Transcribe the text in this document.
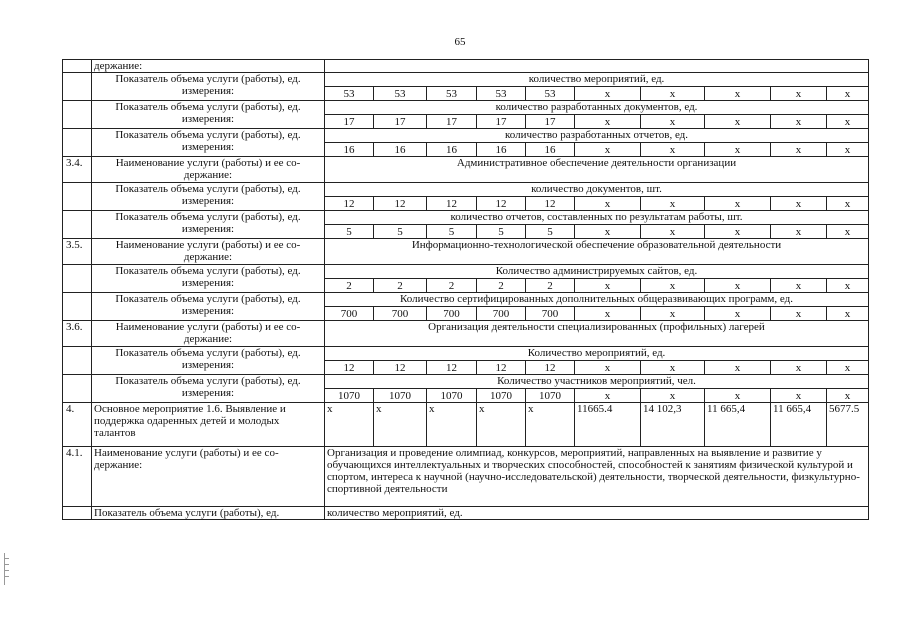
65
	держание:										

	Показатель объема услуги (работы), ед.
измерения:	количество мероприятий, ед.									
		53	53	53	53	53	x	x	x	x	x

	Показатель объема услуги (работы), ед.
измерения:	количество разработанных документов, ед.									
		17	17	17	17	17	x	x	x	x	x

	Показатель объема услуги (работы), ед.
измерения:	количество разработанных отчетов, ед.									
		16	16	16	16	16	x	x	x	x	x
3.4.	Наименование услуги (работы) и ее со-
держание:	Административное обеспечение деятельности организации									

	Показатель объема услуги (работы), ед.
измерения:	количество документов, шт.									
		12	12	12	12	12	x	x	x	x	x

	Показатель объема услуги (работы), ед.
измерения:	количество отчетов, составленных по результатам работы, шт.									
		5	5	5	5	5	x	x	x	x	x
3.5.	Наименование услуги (работы) и ее со-
держание:	Информационно-технологической обеспечение образовательной деятельности									

	Показатель объема услуги (работы), ед.
измерения:	Количество администрируемых сайтов, ед.									
		2	2	2	2	2	x	x	x	x	x

	Показатель объема услуги (работы), ед.
измерения:	Количество сертифицированных дополнительных общеразвивающих программ, ед.									
		700	700	700	700	700	x	x	x	x	x
3.6.	Наименование услуги (работы) и ее со-
держание:	Организация деятельности специализированных (профильных) лагерей									

	Показатель объема услуги (работы), ед.
измерения:	Количество мероприятий, ед.									
		12	12	12	12	12	x	x	x	x	x

	Показатель объема услуги (работы), ед.
измерения:	Количество участников мероприятий, чел.									
		1070	1070	1070	1070	1070	x	x	x	x	x
4.	Основное мероприятие 1.6. Выявление и поддержка одаренных детей и молодых талантов	x	x	x	x	x	11665.4	14 102,3	11 665,4	11 665,4	5677.5
4.1.	Наименование услуги (работы) и ее со-держание:	Организация и проведение олимпиад, конкурсов, мероприятий, направленных на выявление и развитие у обучающихся интеллектуальных и творческих способностей, способностей к занятиям физической культурой и спортом, интереса к научной (научно-исследовательской) деятельности, творческой деятельности, физкультурно-спортивной деятельности									
	Показатель объема услуги (работы), ед.	количество мероприятий, ед.									
